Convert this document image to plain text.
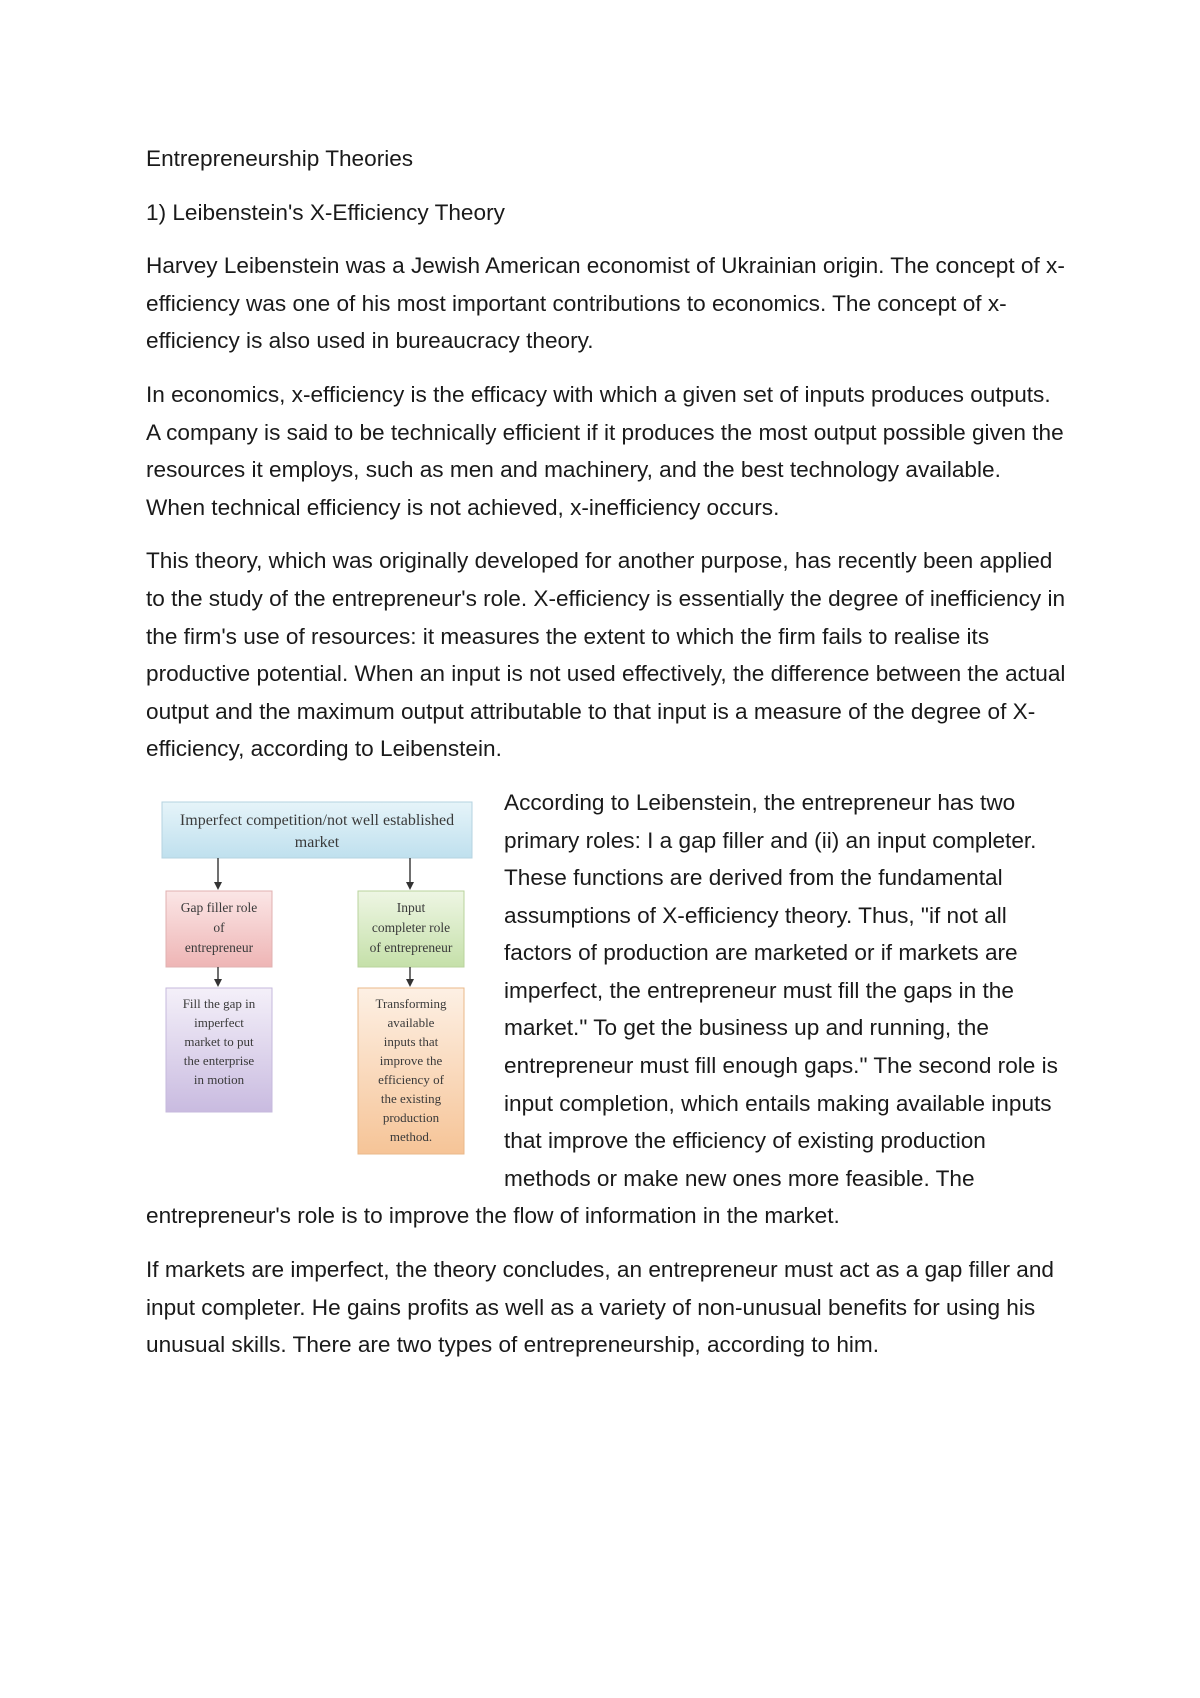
Entrepreneurship Theories
1) Leibenstein's X-Efficiency Theory

Harvey Leibenstein was a Jewish American economist of Ukrainian origin. The concept of x-efficiency was one of his most important contributions to economics. The concept of x-efficiency is also used in bureaucracy theory.

In economics, x-efficiency is the efficacy with which a given set of inputs produces outputs. A company is said to be technically efficient if it produces the most output possible given the resources it employs, such as men and machinery, and the best technology available. When technical efficiency is not achieved, x-inefficiency occurs.

This theory, which was originally developed for another purpose, has recently been applied to the study of the entrepreneur's role. X-efficiency is essentially the degree of inefficiency in the firm's use of resources: it measures the extent to which the firm fails to realise its productive potential. When an input is not used effectively, the difference between the actual output and the maximum output attributable to that input is a measure of the degree of X-efficiency, according to Leibenstein.

Imperfect competition/not well established
market
Gap filler role
of
entrepreneur
Input
completer role
of entrepreneur
Fill the gap in
imperfect
market to put
the enterprise
in motion
Transforming
available
inputs that
improve the
efficiency of
the existing
production
method.

According to Leibenstein, the entrepreneur has two primary roles: I a gap filler and (ii) an input completer. These functions are derived from the fundamental assumptions of X-efficiency theory. Thus, "if not all factors of production are marketed or if markets are imperfect, the entrepreneur must fill the gaps in the market." To get the business up and running, the entrepreneur must fill enough gaps." The second role is input completion, which entails making available inputs that improve the efficiency of existing production methods or make new ones more feasible. The entrepreneur's role is to improve the flow of information in the market.

If markets are imperfect, the theory concludes, an entrepreneur must act as a gap filler and input completer. He gains profits as well as a variety of non-unusual benefits for using his unusual skills. There are two types of entrepreneurship, according to him.
